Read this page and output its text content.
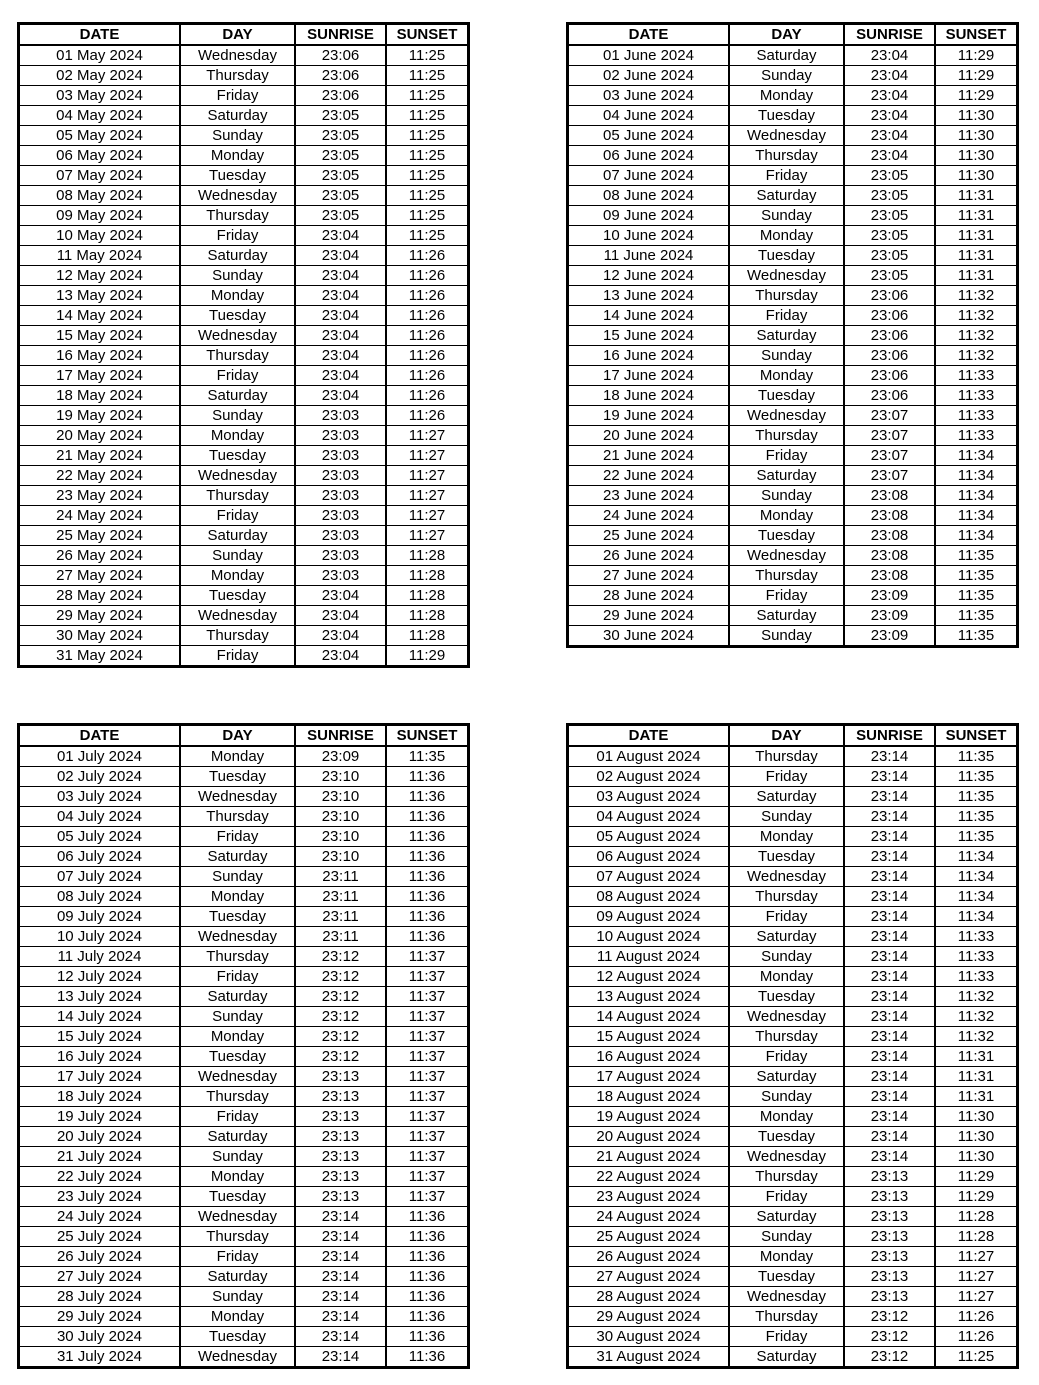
DATE	DAY	SUNRISE	SUNSET
01 May 2024	Wednesday	23:06	11:25
02 May 2024	Thursday	23:06	11:25
03 May 2024	Friday	23:06	11:25
04 May 2024	Saturday	23:05	11:25
05 May 2024	Sunday	23:05	11:25
06 May 2024	Monday	23:05	11:25
07 May 2024	Tuesday	23:05	11:25
08 May 2024	Wednesday	23:05	11:25
09 May 2024	Thursday	23:05	11:25
10 May 2024	Friday	23:04	11:25
11 May 2024	Saturday	23:04	11:26
12 May 2024	Sunday	23:04	11:26
13 May 2024	Monday	23:04	11:26
14 May 2024	Tuesday	23:04	11:26
15 May 2024	Wednesday	23:04	11:26
16 May 2024	Thursday	23:04	11:26
17 May 2024	Friday	23:04	11:26
18 May 2024	Saturday	23:04	11:26
19 May 2024	Sunday	23:03	11:26
20 May 2024	Monday	23:03	11:27
21 May 2024	Tuesday	23:03	11:27
22 May 2024	Wednesday	23:03	11:27
23 May 2024	Thursday	23:03	11:27
24 May 2024	Friday	23:03	11:27
25 May 2024	Saturday	23:03	11:27
26 May 2024	Sunday	23:03	11:28
27 May 2024	Monday	23:03	11:28
28 May 2024	Tuesday	23:04	11:28
29 May 2024	Wednesday	23:04	11:28
30 May 2024	Thursday	23:04	11:28
31 May 2024	Friday	23:04	11:29
DATE	DAY	SUNRISE	SUNSET
01 June 2024	Saturday	23:04	11:29
02 June 2024	Sunday	23:04	11:29
03 June 2024	Monday	23:04	11:29
04 June 2024	Tuesday	23:04	11:30
05 June 2024	Wednesday	23:04	11:30
06 June 2024	Thursday	23:04	11:30
07 June 2024	Friday	23:05	11:30
08 June 2024	Saturday	23:05	11:31
09 June 2024	Sunday	23:05	11:31
10 June 2024	Monday	23:05	11:31
11 June 2024	Tuesday	23:05	11:31
12 June 2024	Wednesday	23:05	11:31
13 June 2024	Thursday	23:06	11:32
14 June 2024	Friday	23:06	11:32
15 June 2024	Saturday	23:06	11:32
16 June 2024	Sunday	23:06	11:32
17 June 2024	Monday	23:06	11:33
18 June 2024	Tuesday	23:06	11:33
19 June 2024	Wednesday	23:07	11:33
20 June 2024	Thursday	23:07	11:33
21 June 2024	Friday	23:07	11:34
22 June 2024	Saturday	23:07	11:34
23 June 2024	Sunday	23:08	11:34
24 June 2024	Monday	23:08	11:34
25 June 2024	Tuesday	23:08	11:34
26 June 2024	Wednesday	23:08	11:35
27 June 2024	Thursday	23:08	11:35
28 June 2024	Friday	23:09	11:35
29 June 2024	Saturday	23:09	11:35
30 June 2024	Sunday	23:09	11:35
DATE	DAY	SUNRISE	SUNSET
01 July 2024	Monday	23:09	11:35
02 July 2024	Tuesday	23:10	11:36
03 July 2024	Wednesday	23:10	11:36
04 July 2024	Thursday	23:10	11:36
05 July 2024	Friday	23:10	11:36
06 July 2024	Saturday	23:10	11:36
07 July 2024	Sunday	23:11	11:36
08 July 2024	Monday	23:11	11:36
09 July 2024	Tuesday	23:11	11:36
10 July 2024	Wednesday	23:11	11:36
11 July 2024	Thursday	23:12	11:37
12 July 2024	Friday	23:12	11:37
13 July 2024	Saturday	23:12	11:37
14 July 2024	Sunday	23:12	11:37
15 July 2024	Monday	23:12	11:37
16 July 2024	Tuesday	23:12	11:37
17 July 2024	Wednesday	23:13	11:37
18 July 2024	Thursday	23:13	11:37
19 July 2024	Friday	23:13	11:37
20 July 2024	Saturday	23:13	11:37
21 July 2024	Sunday	23:13	11:37
22 July 2024	Monday	23:13	11:37
23 July 2024	Tuesday	23:13	11:37
24 July 2024	Wednesday	23:14	11:36
25 July 2024	Thursday	23:14	11:36
26 July 2024	Friday	23:14	11:36
27 July 2024	Saturday	23:14	11:36
28 July 2024	Sunday	23:14	11:36
29 July 2024	Monday	23:14	11:36
30 July 2024	Tuesday	23:14	11:36
31 July 2024	Wednesday	23:14	11:36
DATE	DAY	SUNRISE	SUNSET
01 August 2024	Thursday	23:14	11:35
02 August 2024	Friday	23:14	11:35
03 August 2024	Saturday	23:14	11:35
04 August 2024	Sunday	23:14	11:35
05 August 2024	Monday	23:14	11:35
06 August 2024	Tuesday	23:14	11:34
07 August 2024	Wednesday	23:14	11:34
08 August 2024	Thursday	23:14	11:34
09 August 2024	Friday	23:14	11:34
10 August 2024	Saturday	23:14	11:33
11 August 2024	Sunday	23:14	11:33
12 August 2024	Monday	23:14	11:33
13 August 2024	Tuesday	23:14	11:32
14 August 2024	Wednesday	23:14	11:32
15 August 2024	Thursday	23:14	11:32
16 August 2024	Friday	23:14	11:31
17 August 2024	Saturday	23:14	11:31
18 August 2024	Sunday	23:14	11:31
19 August 2024	Monday	23:14	11:30
20 August 2024	Tuesday	23:14	11:30
21 August 2024	Wednesday	23:14	11:30
22 August 2024	Thursday	23:13	11:29
23 August 2024	Friday	23:13	11:29
24 August 2024	Saturday	23:13	11:28
25 August 2024	Sunday	23:13	11:28
26 August 2024	Monday	23:13	11:27
27 August 2024	Tuesday	23:13	11:27
28 August 2024	Wednesday	23:13	11:27
29 August 2024	Thursday	23:12	11:26
30 August 2024	Friday	23:12	11:26
31 August 2024	Saturday	23:12	11:25
